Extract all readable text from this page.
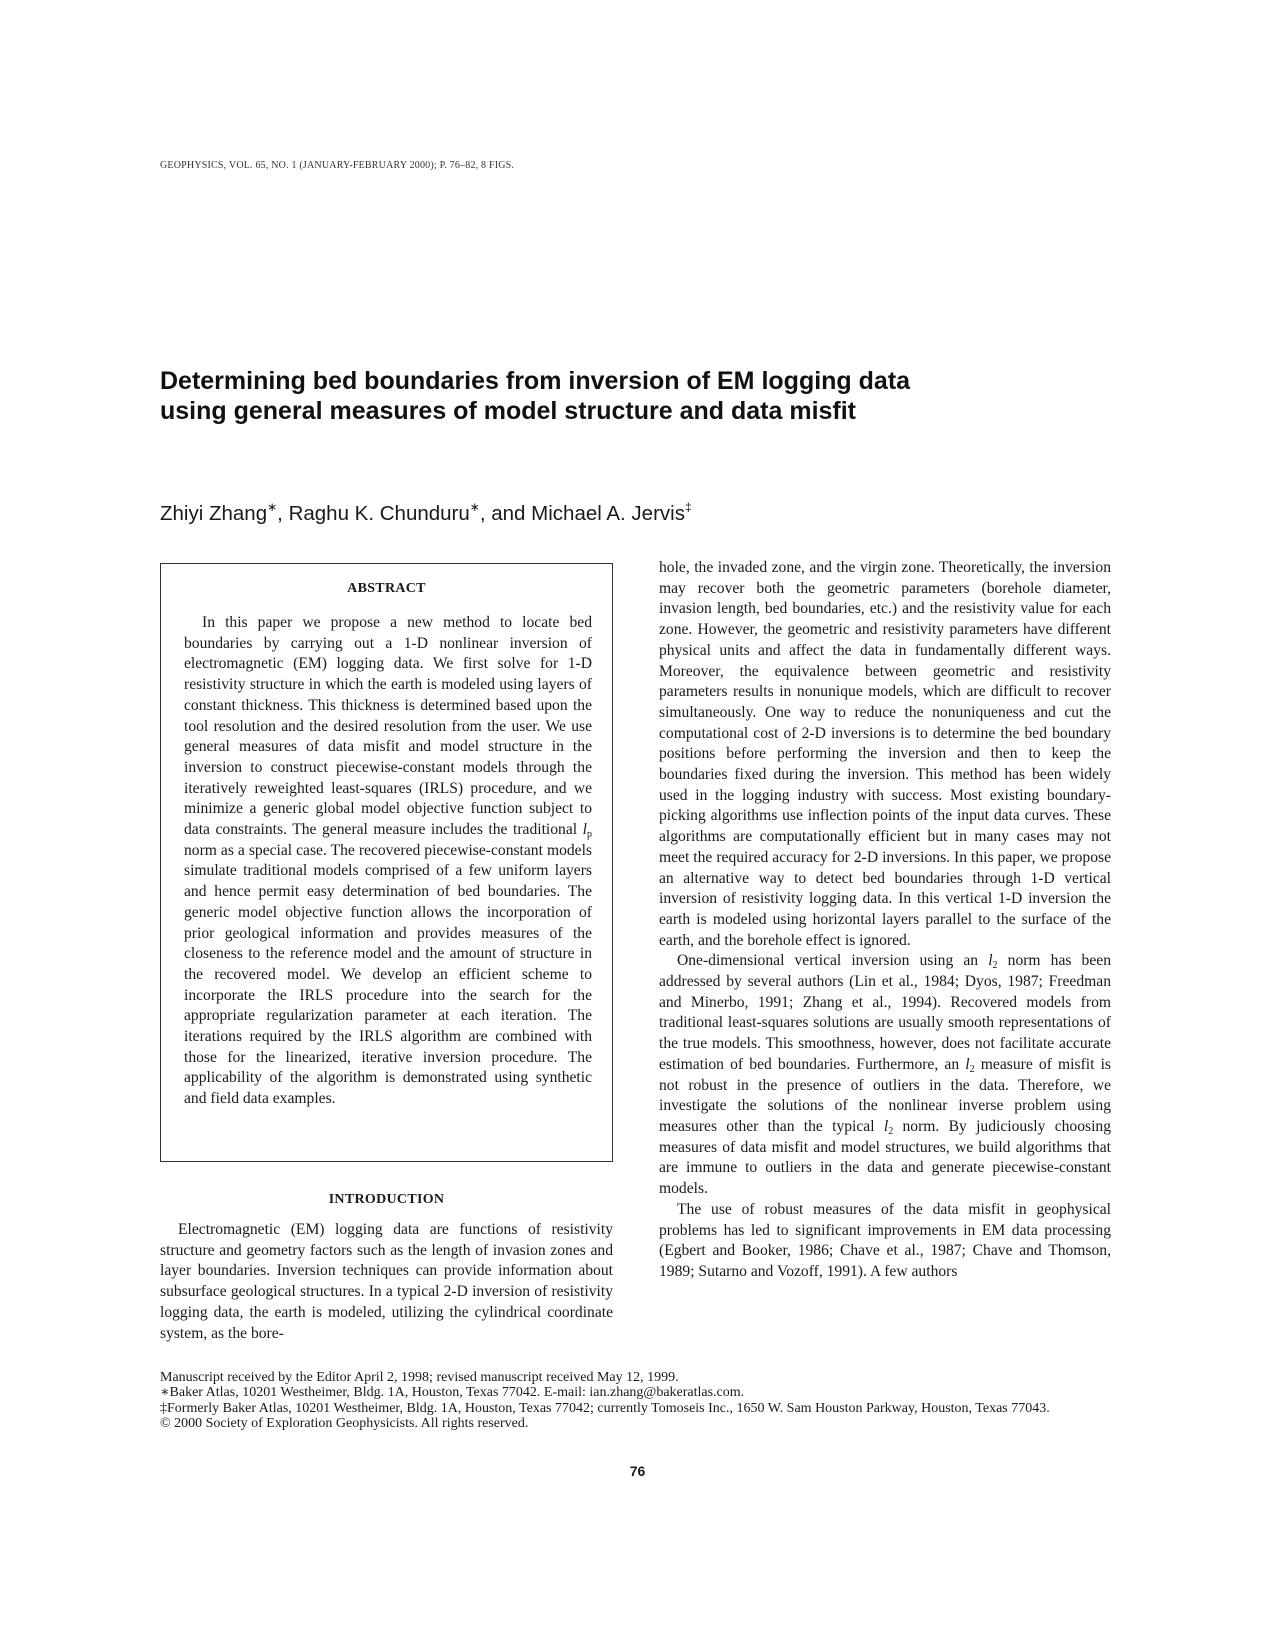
GEOPHYSICS, VOL. 65, NO. 1 (JANUARY-FEBRUARY 2000); P. 76–82, 8 FIGS.
Determining bed boundaries from inversion of EM logging data
using general measures of model structure and data misfit
Zhiyi Zhang∗, Raghu K. Chunduru∗, and Michael A. Jervis‡
ABSTRACT

In this paper we propose a new method to locate bed boundaries by carrying out a 1-D nonlinear inversion of electromagnetic (EM) logging data. We first solve for 1-D resistivity structure in which the earth is modeled using layers of constant thickness. This thickness is determined based upon the tool resolution and the desired resolution from the user. We use general measures of data misfit and model structure in the inversion to construct piecewise-constant models through the iteratively reweighted least-squares (IRLS) procedure, and we minimize a generic global model objective function subject to data constraints. The general measure includes the traditional $l_p$ norm as a special case. The recovered piecewise-constant models simulate traditional models comprised of a few uniform layers and hence permit easy determination of bed boundaries. The generic model objective function allows the incorporation of prior geological information and provides measures of the closeness to the reference model and the amount of structure in the recovered model. We develop an efficient scheme to incorporate the IRLS procedure into the search for the appropriate regularization parameter at each iteration. The iterations required by the IRLS algorithm are combined with those for the linearized, iterative inversion procedure. The applicability of the algorithm is demonstrated using synthetic and field data examples.

INTRODUCTION

Electromagnetic (EM) logging data are functions of resistivity structure and geometry factors such as the length of invasion zones and layer boundaries. Inversion techniques can provide information about subsurface geological structures. In a typical 2-D inversion of resistivity logging data, the earth is modeled, utilizing the cylindrical coordinate system, as the bore-

hole, the invaded zone, and the virgin zone. Theoretically, the inversion may recover both the geometric parameters (borehole diameter, invasion length, bed boundaries, etc.) and the resistivity value for each zone. However, the geometric and resistivity parameters have different physical units and affect the data in fundamentally different ways. Moreover, the equivalence between geometric and resistivity parameters results in nonunique models, which are difficult to recover simultaneously. One way to reduce the nonuniqueness and cut the computational cost of 2-D inversions is to determine the bed boundary positions before performing the inversion and then to keep the boundaries fixed during the inversion. This method has been widely used in the logging industry with success. Most existing boundary-picking algorithms use inflection points of the input data curves. These algorithms are computationally efficient but in many cases may not meet the required accuracy for 2-D inversions. In this paper, we propose an alternative way to detect bed boundaries through 1-D vertical inversion of resistivity logging data. In this vertical 1-D inversion the earth is modeled using horizontal layers parallel to the surface of the earth, and the borehole effect is ignored.

One-dimensional vertical inversion using an $l_2$ norm has been addressed by several authors (Lin et al., 1984; Dyos, 1987; Freedman and Minerbo, 1991; Zhang et al., 1994). Recovered models from traditional least-squares solutions are usually smooth representations of the true models. This smoothness, however, does not facilitate accurate estimation of bed boundaries. Furthermore, an $l_2$ measure of misfit is not robust in the presence of outliers in the data. Therefore, we investigate the solutions of the nonlinear inverse problem using measures other than the typical $l_2$ norm. By judiciously choosing measures of data misfit and model structures, we build algorithms that are immune to outliers in the data and generate piecewise-constant models.

The use of robust measures of the data misfit in geophysical problems has led to significant improvements in EM data processing (Egbert and Booker, 1986; Chave et al., 1987; Chave and Thomson, 1989; Sutarno and Vozoff, 1991). A few authors

Manuscript received by the Editor April 2, 1998; revised manuscript received May 12, 1999.
∗Baker Atlas, 10201 Westheimer, Bldg. 1A, Houston, Texas 77042. E-mail: ian.zhang@bakeratlas.com.
‡Formerly Baker Atlas, 10201 Westheimer, Bldg. 1A, Houston, Texas 77042; currently Tomoseis Inc., 1650 W. Sam Houston Parkway, Houston, Texas 77043.
© 2000 Society of Exploration Geophysicists. All rights reserved.
76
